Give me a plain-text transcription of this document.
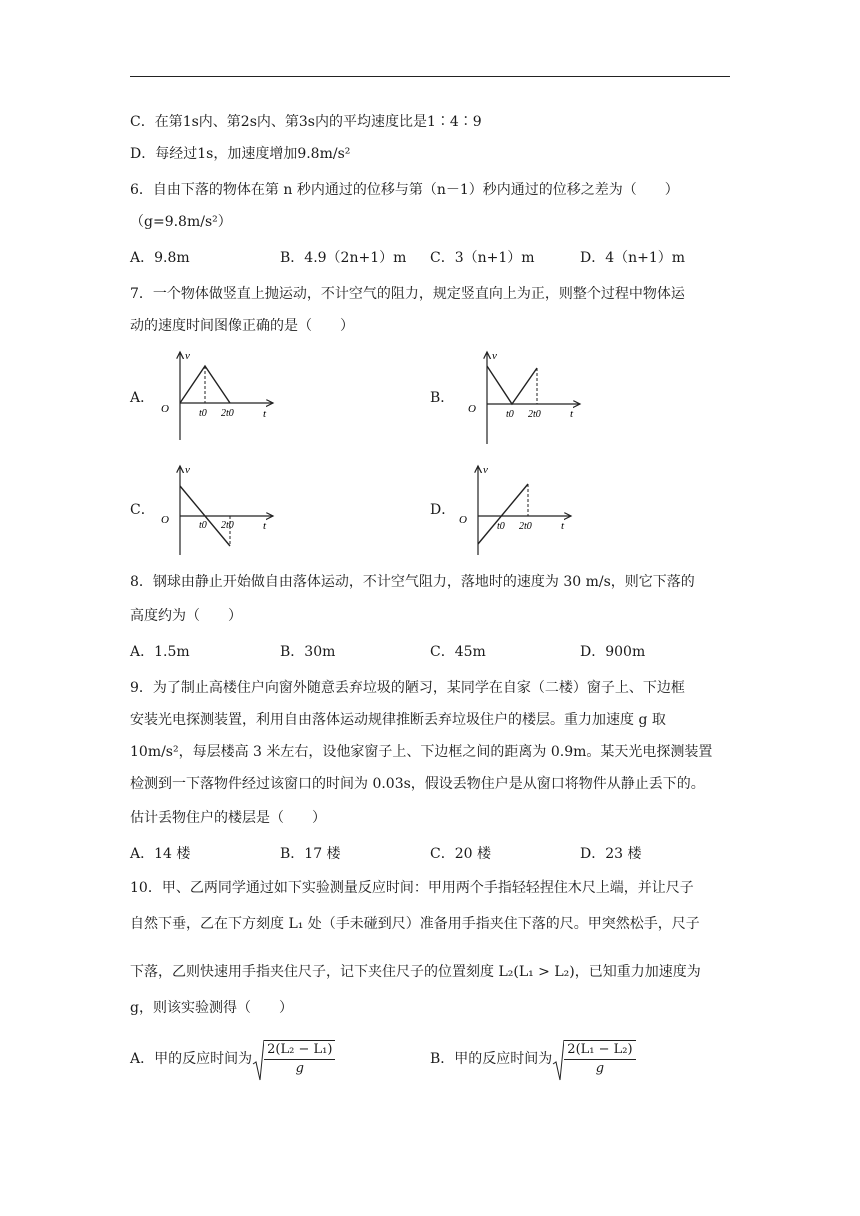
C．在第1s内、第2s内、第3s内的平均速度比是1∶4∶9
D．每经过1s，加速度增加9.8m/s²
6．自由下落的物体在第 n 秒内通过的位移与第（n－1）秒内通过的位移之差为（　　）
（g=9.8m/s²）
A．9.8m	B．4.9（2n+1）m C．3（n+1）m	D．4（n+1）m
7．一个物体做竖直上抛运动，不计空气的阻力，规定竖直向上为正，则整个过程中物体运
动的速度时间图像正确的是（　　）
A．
v
t
O	t0 2t0
B．
v
t
O	t0 2t0
C．
v
t
O	t0 2t0
D．
v
t
O
t0 2t0
8．钢球由静止开始做自由落体运动，不计空气阻力，落地时的速度为 30 m/s，则它下落的
高度约为（　　）
A．1.5m	B．30m	C．45m	D．900m
9．为了制止高楼住户向窗外随意丢弃垃圾的陋习，某同学在自家（二楼）窗子上、下边框
安装光电探测装置，利用自由落体运动规律推断丢弃垃圾住户的楼层。重力加速度 g 取
10m/s²，每层楼高 3 米左右，设他家窗子上、下边框之间的距离为 0.9m。某天光电探测装置
检测到一下落物件经过该窗口的时间为 0.03s，假设丢物住户是从窗口将物件从静止丢下的。
估计丢物住户的楼层是（　　）
A．14 楼	B．17 楼	C．20 楼	D．23 楼
10．甲、乙两同学通过如下实验测量反应时间：甲用两个手指轻轻捏住木尺上端，并让尺子
自然下垂，乙在下方刻度 L₁ 处（手未碰到尺）准备用手指夹住下落的尺。甲突然松手，尺子
下落，乙则快速用手指夹住尺子，记下夹住尺子的位置刻度 L₂(L₁ > L₂)，已知重力加速度为
g，则该实验测得（　　）
A．甲的反应时间为 $\frac{\text{2(L₂ − L₁)}}{g}$	B．甲的反应时间为 $\frac{\text{2(L₁ − L₂)}}{g}$
